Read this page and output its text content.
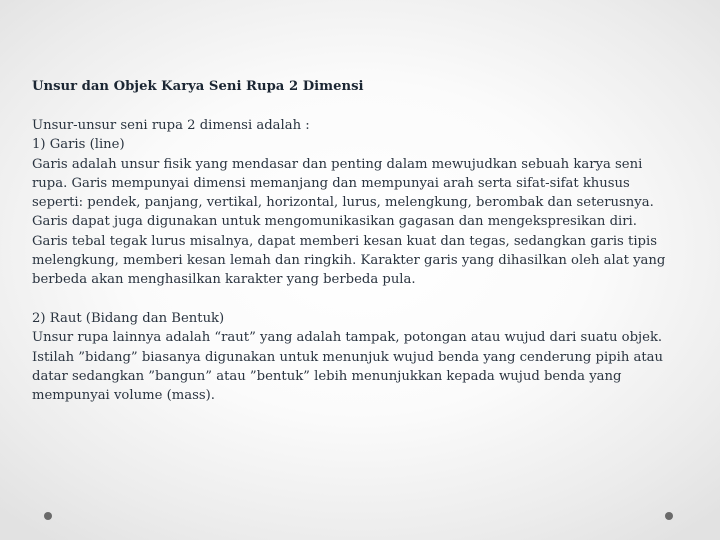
Unsur dan Objek Karya Seni Rupa 2 Dimensi
Unsur-unsur seni rupa 2 dimensi adalah :
1) Garis (line)
Garis adalah unsur fisik yang mendasar dan penting dalam mewujudkan sebuah karya seni
rupa. Garis mempunyai dimensi memanjang dan mempunyai arah serta sifat-sifat khusus
seperti: pendek, panjang, vertikal, horizontal, lurus, melengkung, berombak dan seterusnya.
Garis dapat juga digunakan untuk mengomunikasikan gagasan dan mengekspresikan diri.
Garis tebal tegak lurus misalnya, dapat memberi kesan kuat dan tegas, sedangkan garis tipis
melengkung, memberi kesan lemah dan ringkih. Karakter garis yang dihasilkan oleh alat yang
berbeda akan menghasilkan karakter yang berbeda pula.
2) Raut (Bidang dan Bentuk)
Unsur rupa lainnya adalah “raut” yang adalah tampak, potongan atau wujud dari suatu objek.
Istilah ”bidang” biasanya digunakan untuk menunjuk wujud benda yang cenderung pipih atau
datar sedangkan ”bangun” atau ”bentuk” lebih menunjukkan kepada wujud benda yang
mempunyai volume (mass).
